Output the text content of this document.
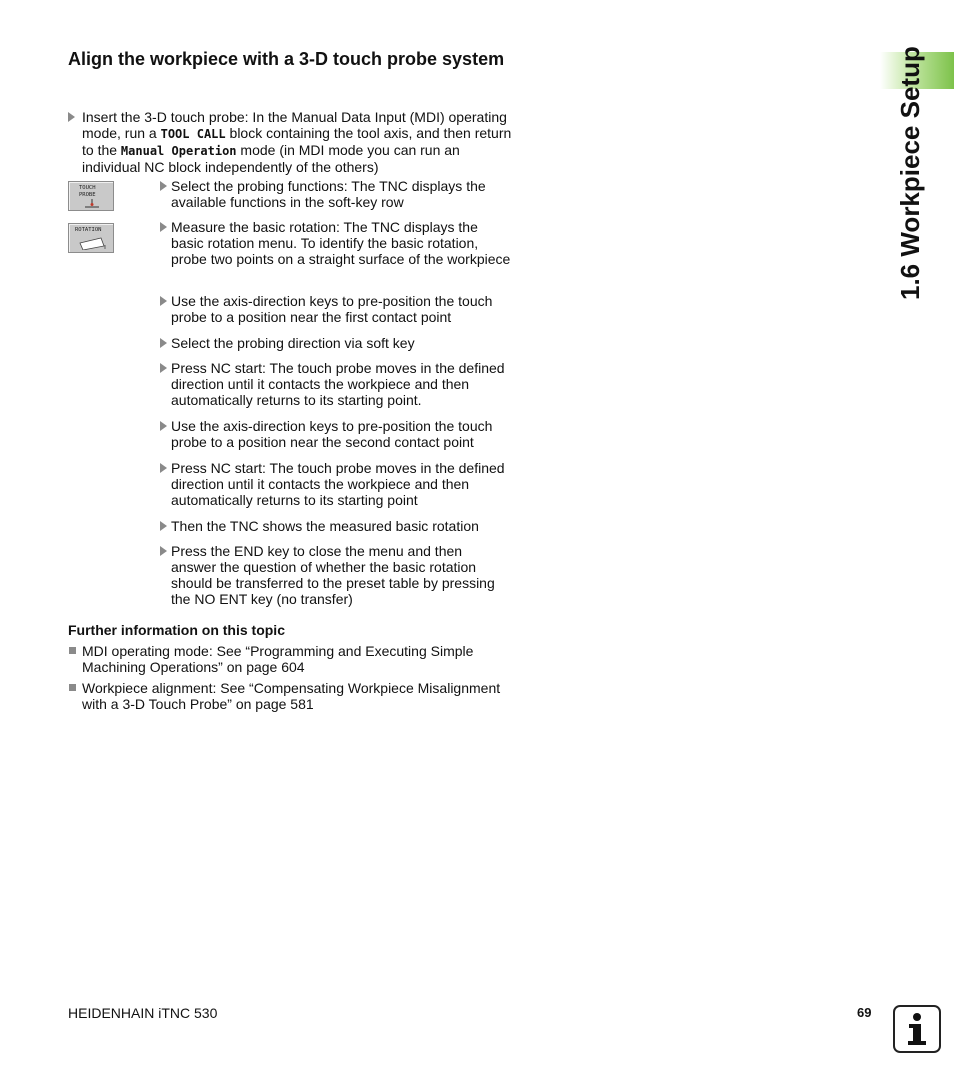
Align the workpiece with a 3-D touch probe system

Insert the 3-D touch probe: In the Manual Data Input (MDI) operating mode, run a TOOL CALL block containing the tool axis, and then return to the Manual Operation mode (in MDI mode you can run an individual NC block independently of the others)

TOUCH
PROBE
ROTATION

Select the probing functions: The TNC displays the available functions in the soft-key row

Measure the basic rotation: The TNC displays the basic rotation menu. To identify the basic rotation, probe two points on a straight surface of the workpiece

Use the axis-direction keys to pre-position the touch probe to a position near the first contact point

Select the probing direction via soft key

Press NC start: The touch probe moves in the defined direction until it contacts the workpiece and then automatically returns to its starting point.

Use the axis-direction keys to pre-position the touch probe to a position near the second contact point

Press NC start: The touch probe moves in the defined direction until it contacts the workpiece and then automatically returns to its starting point

Then the TNC shows the measured basic rotation

Press the END key to close the menu and then answer the question of whether the basic rotation should be transferred to the preset table by pressing the NO ENT key (no transfer)

Further information on this topic

MDI operating mode: See “Programming and Executing Simple Machining Operations” on page 604

Workpiece alignment: See “Compensating Workpiece Misalignment with a 3-D Touch Probe” on page 581

1.6 Workpiece Setup
HEIDENHAIN iTNC 530	69
